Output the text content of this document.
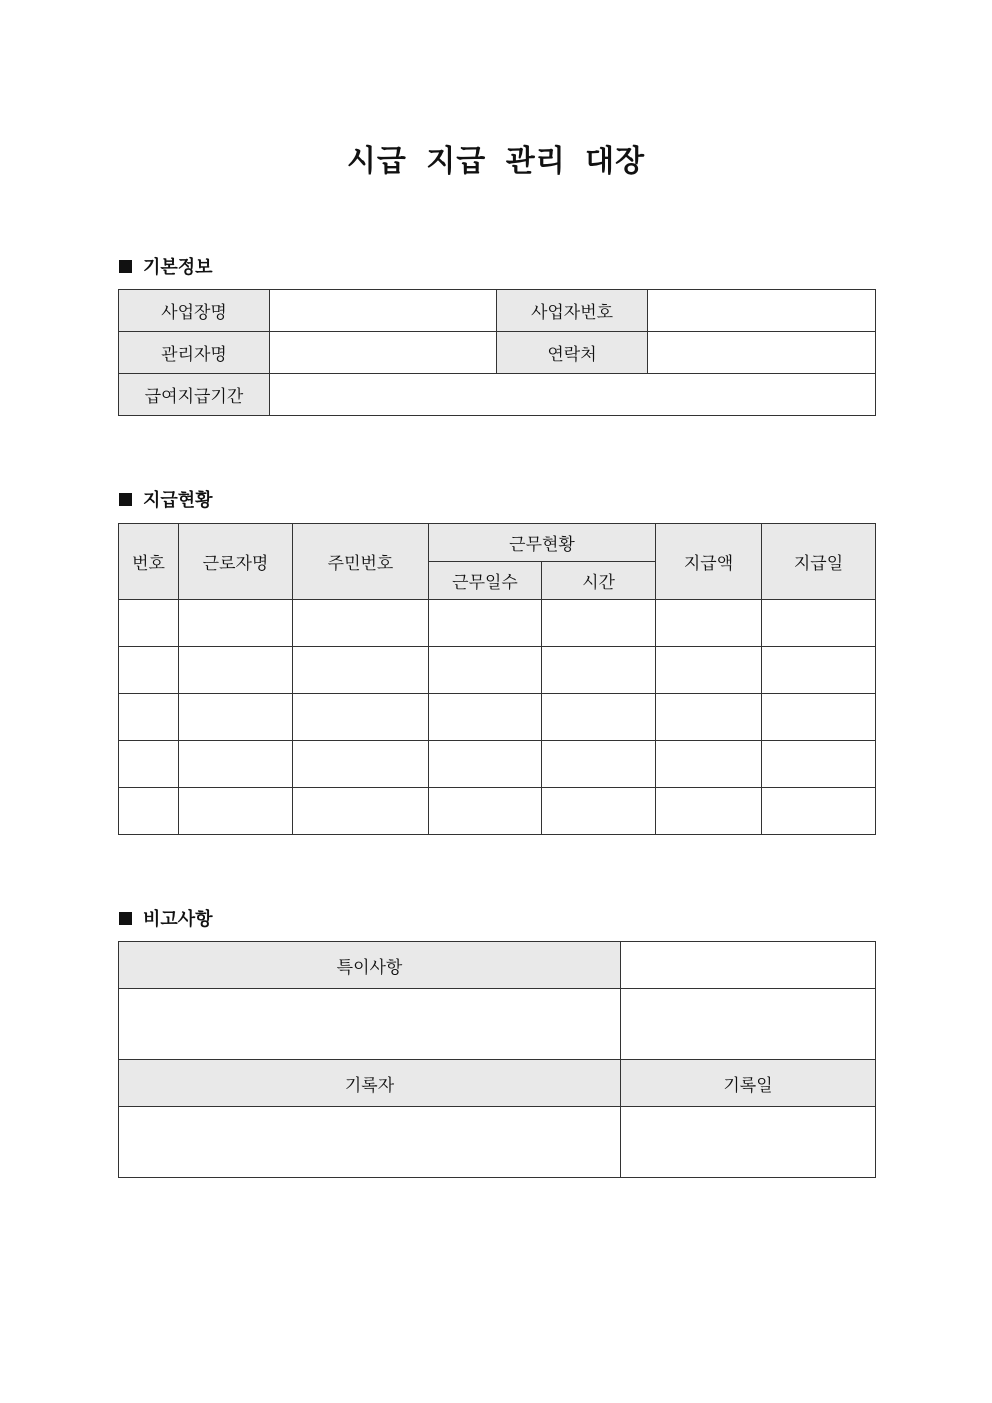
시급 지급 관리 대장
기본정보
사업장명		사업자번호	
관리자명		연락처	
급여지급기간			
지급현황
번호	근로자명	주민번호	근무현황		지급액	지급일
			근무일수	시간		

비고사항
특이사항	

기록자	기록일
